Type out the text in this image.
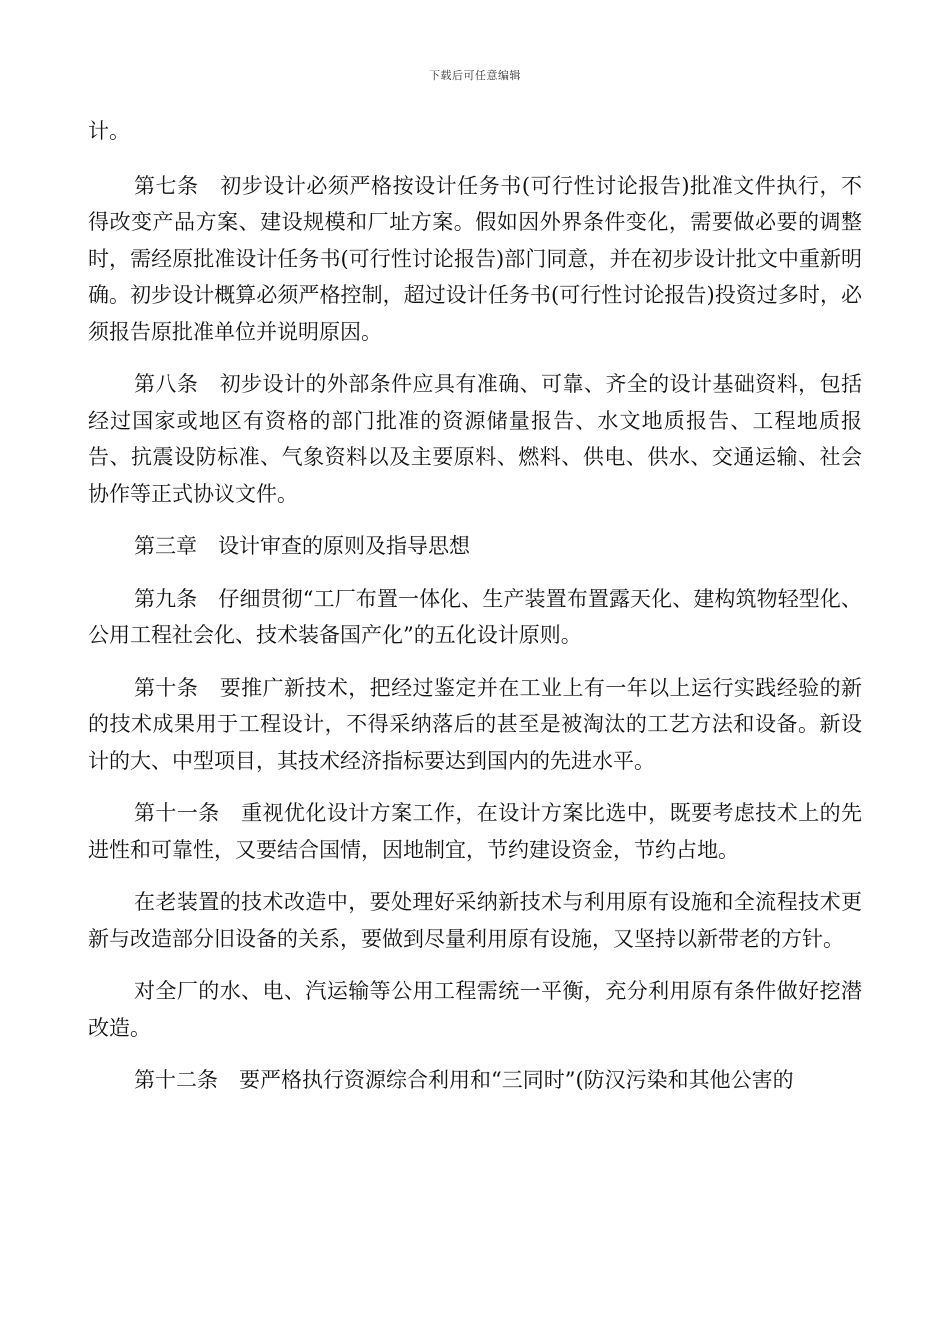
下载后可任意编辑

计。

第七条　初步设计必须严格按设计任务书(可行性讨论报告)批准文件执行，不得改变产品方案、建设规模和厂址方案。假如因外界条件变化，需要做必要的调整时，需经原批准设计任务书(可行性讨论报告)部门同意，并在初步设计批文中重新明确。初步设计概算必须严格控制，超过设计任务书(可行性讨论报告)投资过多时，必须报告原批准单位并说明原因。

第八条　初步设计的外部条件应具有准确、可靠、齐全的设计基础资料，包括经过国家或地区有资格的部门批准的资源储量报告、水文地质报告、工程地质报告、抗震设防标准、气象资料以及主要原料、燃料、供电、供水、交通运输、社会协作等正式协议文件。

第三章　设计审查的原则及指导思想

第九条　仔细贯彻“工厂布置一体化、生产装置布置露天化、建构筑物轻型化、公用工程社会化、技术装备国产化”的五化设计原则。

第十条　要推广新技术，把经过鉴定并在工业上有一年以上运行实践经验的新的技术成果用于工程设计，不得采纳落后的甚至是被淘汰的工艺方法和设备。新设计的大、中型项目，其技术经济指标要达到国内的先进水平。

第十一条　重视优化设计方案工作，在设计方案比选中，既要考虑技术上的先进性和可靠性，又要结合国情，因地制宜，节约建设资金，节约占地。

在老装置的技术改造中，要处理好采纳新技术与利用原有设施和全流程技术更新与改造部分旧设备的关系，要做到尽量利用原有设施，又坚持以新带老的方针。

对全厂的水、电、汽运输等公用工程需统一平衡，充分利用原有条件做好挖潜改造。

第十二条　要严格执行资源综合利用和“三同时”(防汉污染和其他公害的
